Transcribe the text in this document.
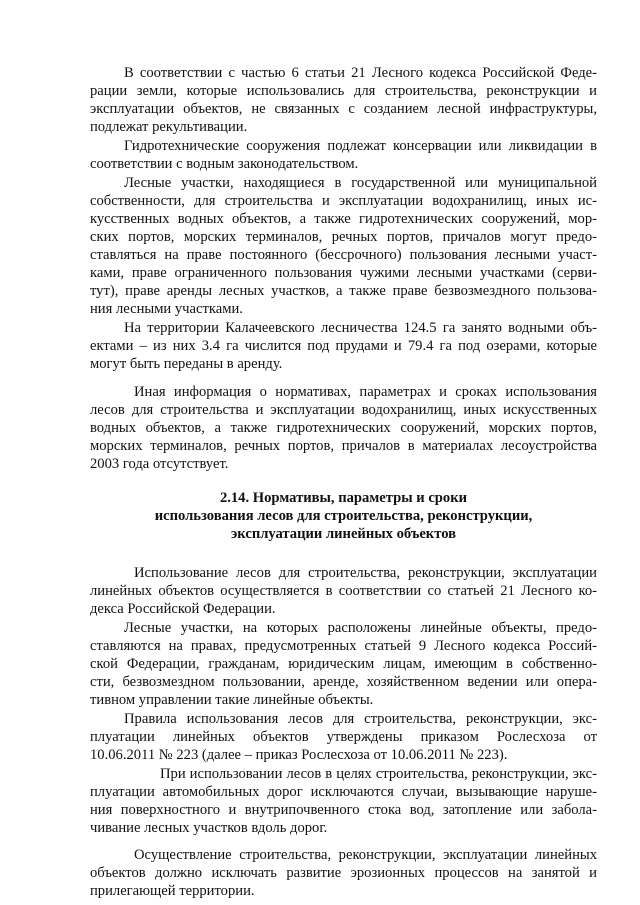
В соответствии с частью 6 статьи 21 Лесного кодекса Российской Феде-
рации земли, которые использовались для строительства, реконструкции и
эксплуатации объектов, не связанных с созданием лесной инфраструктуры,
подлежат рекультивации.
Гидротехнические сооружения подлежат консервации или ликвидации в
соответствии с водным законодательством.
Лесные участки, находящиеся в государственной или муниципальной
собственности, для строительства и эксплуатации водохранилищ, иных ис-
кусственных водных объектов, а также гидротехнических сооружений, мор-
ских портов, морских терминалов, речных портов, причалов могут предо-
ставляться на праве постоянного (бессрочного) пользования лесными участ-
ками, праве ограниченного пользования чужими лесными участками (серви-
тут), праве аренды лесных участков, а также праве безвозмездного пользова-
ния лесными участками.
На территории Калачеевского лесничества 124.5 га занято водными объ-
ектами – из них 3.4 га числится под прудами и 79.4 га под озерами, которые
могут быть переданы в аренду.
Иная информация о нормативах, параметрах и сроках использования
лесов для строительства и эксплуатации водохранилищ, иных искусственных
водных объектов, а также гидротехнических сооружений, морских портов,
морских терминалов, речных портов, причалов в материалах лесоустройства
2003 года отсутствует.
2.14. Нормативы, параметры и сроки
использования лесов для строительства, реконструкции,
эксплуатации линейных объектов
Использование лесов для строительства, реконструкции, эксплуатации
линейных объектов осуществляется в соответствии со статьей 21 Лесного ко-
декса Российской Федерации.
Лесные участки, на которых расположены линейные объекты, предо-
ставляются на правах, предусмотренных статьей 9 Лесного кодекса Россий-
ской Федерации, гражданам, юридическим лицам, имеющим в собственно-
сти, безвозмездном пользовании, аренде, хозяйственном ведении или опера-
тивном управлении такие линейные объекты.
Правила использования лесов для строительства, реконструкции, экс-
плуатации линейных объектов утверждены приказом Рослесхоза от
10.06.2011 № 223 (далее – приказ Рослесхоза от 10.06.2011 № 223).
При использовании лесов в целях строительства, реконструкции, экс-
плуатации автомобильных дорог исключаются случаи, вызывающие наруше-
ния поверхностного и внутрипочвенного стока вод, затопление или забола-
чивание лесных участков вдоль дорог.
Осуществление строительства, реконструкции, эксплуатации линейных
объектов должно исключать развитие эрозионных процессов на занятой и
прилегающей территории.
